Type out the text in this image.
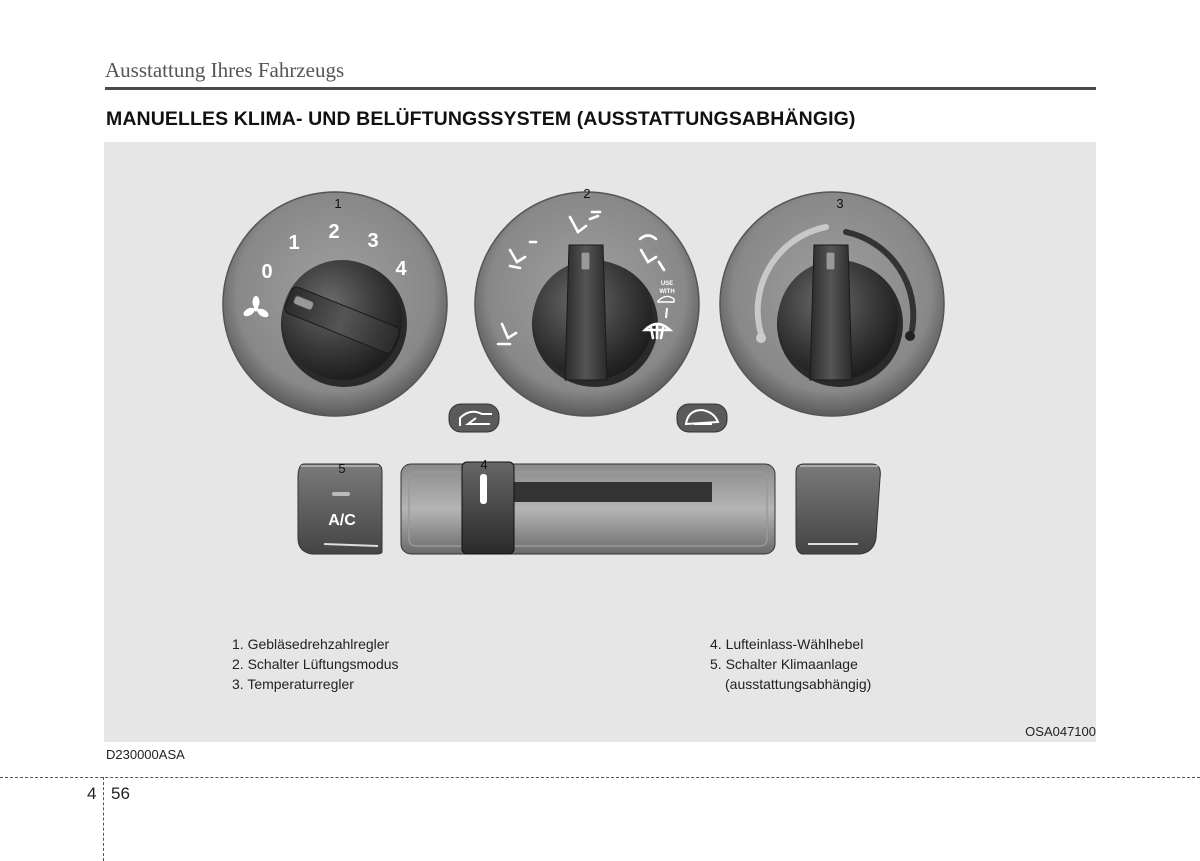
Ausstattung Ihres Fahrzeugs
MANUELLES KLIMA- UND BELÜFTUNGSSYSTEM (AUSSTATTUNGSABHÄNGIG)
0
1 2 3
4
USE
WITH
A/C
1
2
3
4
5
1. Gebläsedrehzahlregler
2. Schalter Lüftungsmodus
3. Temperaturregler
4. Lufteinlass-Wählhebel
5. Schalter Klimaanlage
(ausstattungsabhängig)
OSA047100
D230000ASA
4 56
